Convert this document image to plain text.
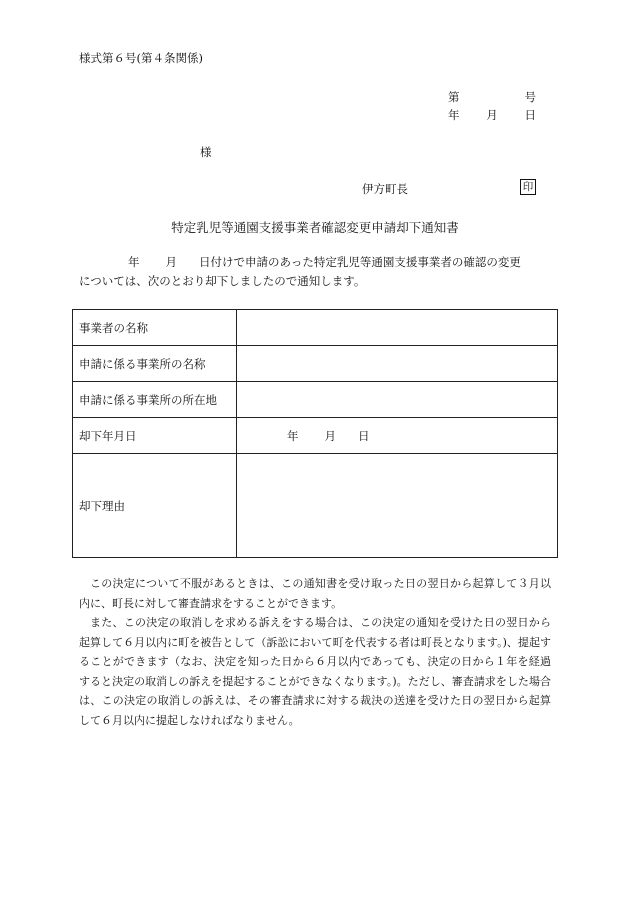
様式第６号(第４条関係)
第	号
年 月 日
様
伊方町長	印
特定乳児等通園支援事業者確認変更申請却下通知書
年 月 日付けで申請のあった特定乳児等通園支援事業者の確認の変更
については、次のとおり却下しましたので通知します。
事業者の名称	
申請に係る事業所の名称	
申請に係る事業所の所在地	
却下年月日	年 月 日
却下理由	

この決定について不服があるときは、この通知書を受け取った日の翌日から起算して３月以内に、町長に対して審査請求をすることができます。

また、この決定の取消しを求める訴えをする場合は、この決定の通知を受けた日の翌日から起算して６月以内に町を被告として（訴訟において町を代表する者は町長となります。)、提起することができます（なお、決定を知った日から６月以内であっても、決定の日から１年を経過すると決定の取消しの訴えを提起することができなくなります。)。ただし、審査請求をした場合は、この決定の取消しの訴えは、その審査請求に対する裁決の送達を受けた日の翌日から起算して６月以内に提起しなければなりません。
